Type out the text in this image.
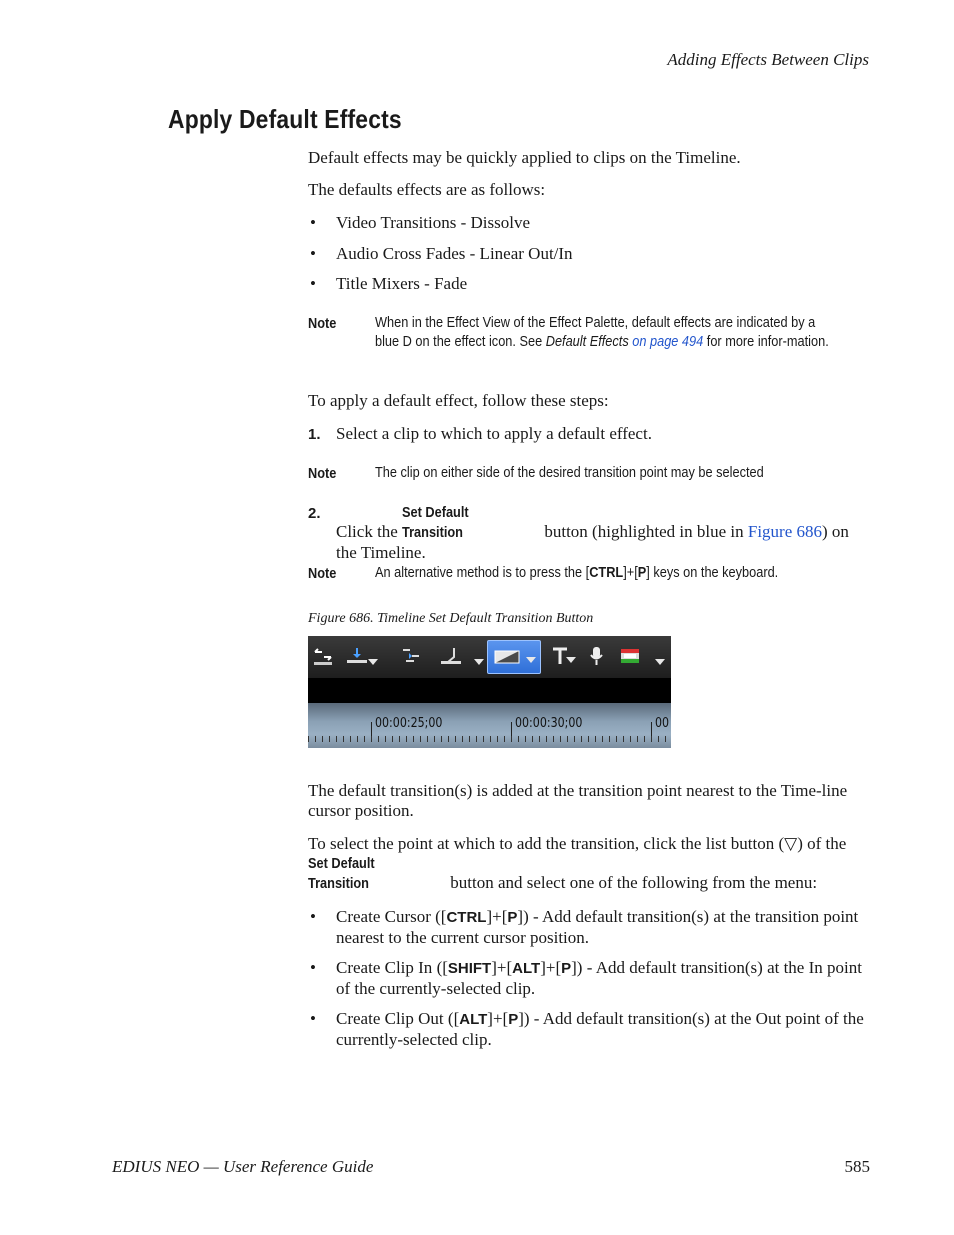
Adding Effects Between Clips
Apply Default Effects
Default effects may be quickly applied to clips on the Timeline.
The defaults effects are as follows:
• Video Transitions - Dissolve
• Audio Cross Fades - Linear Out/In
• Title Mixers - Fade
Note	When in the Effect View of the Effect Palette, default effects are indicated by a blue D on the effect icon. See Default Effects on page 494 for more infor-mation.
To apply a default effect, follow these steps:
1. Select a clip to which to apply a default effect.
Note	The clip on either side of the desired transition point may be selected
2.
Click the Set Default Transition	button (highlighted in blue in Figure 686) on the Timeline.
Note	An alternative method is to press the [CTRL]+[P] keys on the keyboard.
Figure 686. Timeline Set Default Transition Button
00:00:25;00	00:00:30;00	00
The default transition(s) is added at the transition point nearest to the Time-line cursor position.
To select the point at which to add the transition, click the list button (▽) of the Set Default Transition	button and select one of the following from the menu:
• Create Cursor ([CTRL]+[P]) - Add default transition(s) at the transition point nearest to the current cursor position.
• Create Clip In ([SHIFT]+[ALT]+[P]) - Add default transition(s) at the In point of the currently-selected clip.
• Create Clip Out ([ALT]+[P]) - Add default transition(s) at the Out point of the currently-selected clip.
EDIUS NEO — User Reference Guide	585
